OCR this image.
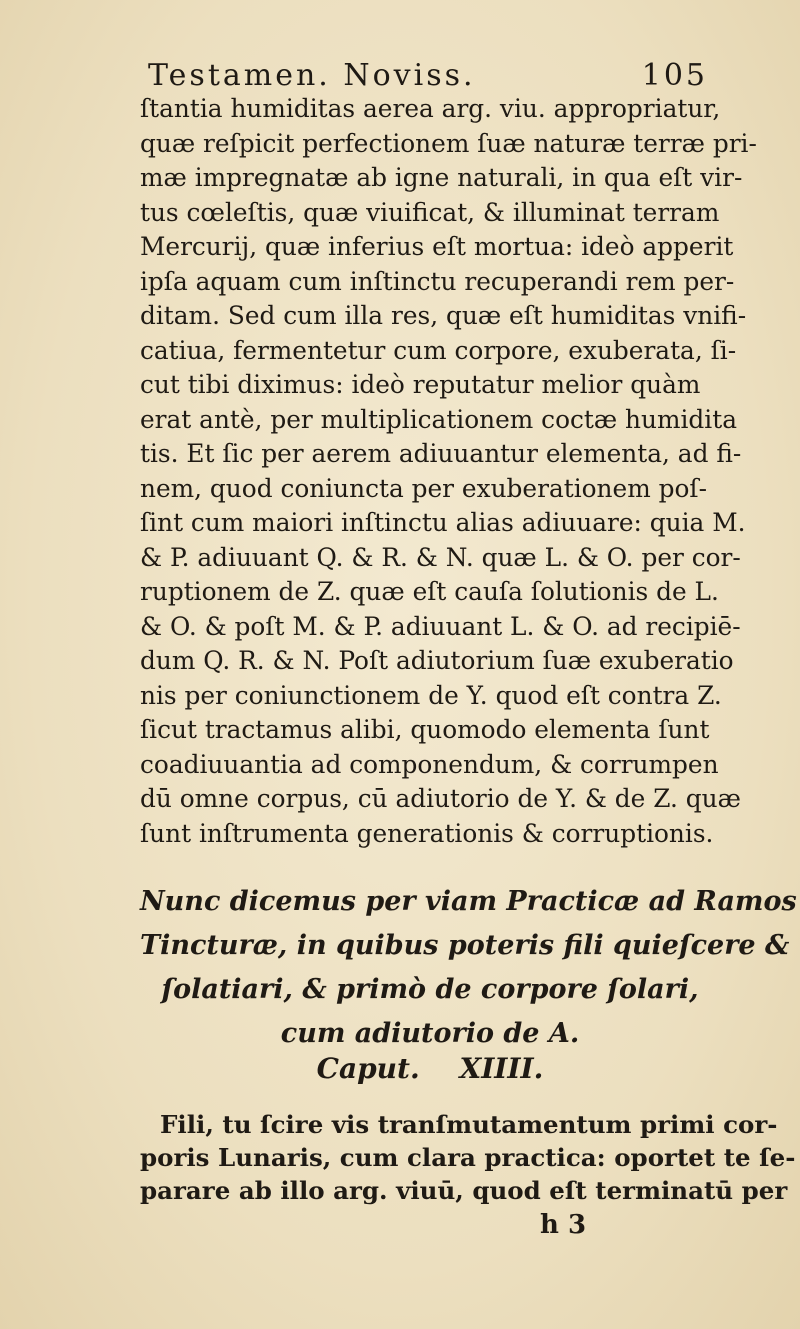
Testamen. Noviss.	105
ſtantia humiditas aerea arg. viu. appropriatur,
quæ reſpicit perfectionem ſuæ naturæ terræ pri-
mæ impregnatæ ab igne naturali, in qua eſt vir-
tus cœleſtis, quæ viuificat, & illuminat terram
Mercurij, quæ inferius eſt mortua: ideò apperit
ipſa aquam cum inſtinctu recuperandi rem per-
ditam. Sed cum illa res, quæ eſt humiditas vnifi-
catiua, fermentetur cum corpore, exuberata, ſi-
cut tibi diximus: ideò reputatur melior quàm
erat antè, per multiplicationem coctæ humidita
tis. Et ſic per aerem adiuuantur elementa, ad fi-
nem, quod coniuncta per exuberationem poſ-
ſint cum maiori inſtinctu alias adiuuare: quia M.
& P. adiuuant Q. & R. & N. quæ L. & O. per cor-
ruptionem de Z. quæ eſt cauſa ſolutionis de L.
& O. & poſt M. & P. adiuuant L. & O. ad recipiē-
dum Q. R. & N. Poſt adiutorium ſuæ exuberatio
nis per coniunctionem de Y. quod eſt contra Z.
ſicut tractamus alibi, quomodo elementa ſunt
coadiuuantia ad componendum, & corrumpen
dū omne corpus, cū adiutorio de Y. & de Z. quæ
ſunt inſtrumenta generationis & corruptionis.
Nunc dicemus per viam Practicæ ad Ramos
Tincturæ, in quibus poteris fili quieſcere &
ſolatiari, & primò de corpore ſolari,
cum adiutorio de A.
Caput. XIIII.
Fili, tu ſcire vis tranſmutamentum primi cor-
poris Lunaris, cum clara practica: oportet te ſe-
parare ab illo arg. viuū, quod eſt terminatū per
h 3
